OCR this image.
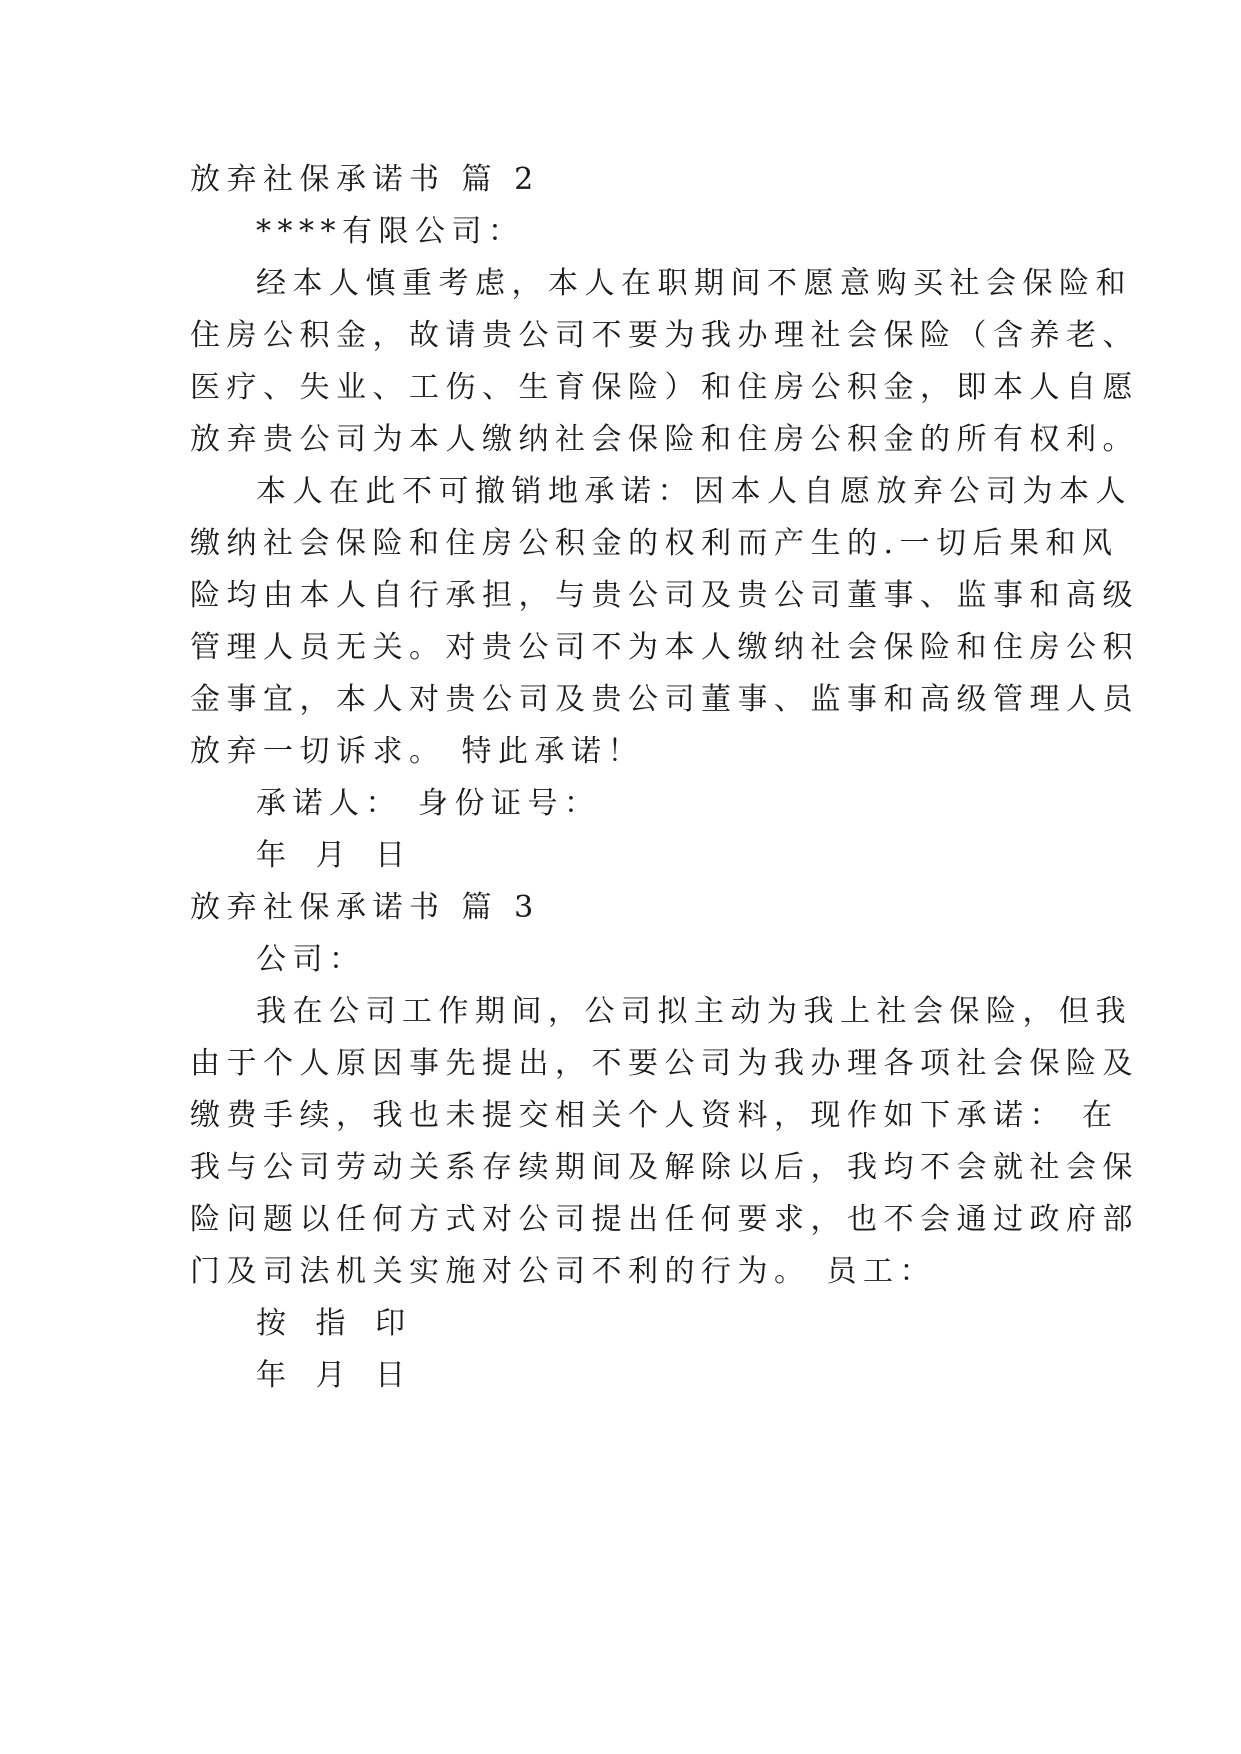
放弃社保承诺书 篇 2
****有限公司：
经本人慎重考虑，本人在职期间不愿意购买社会保险和
住房公积金，故请贵公司不要为我办理社会保险（含养老、
医疗、失业、工伤、生育保险）和住房公积金，即本人自愿
放弃贵公司为本人缴纳社会保险和住房公积金的所有权利。
本人在此不可撤销地承诺：因本人自愿放弃公司为本人
缴纳社会保险和住房公积金的权利而产生的.一切后果和风
险均由本人自行承担，与贵公司及贵公司董事、监事和高级
管理人员无关。对贵公司不为本人缴纳社会保险和住房公积
金事宜，本人对贵公司及贵公司董事、监事和高级管理人员
放弃一切诉求。 特此承诺！
承诺人： 身份证号：
年 月 日
放弃社保承诺书 篇 3
公司：
我在公司工作期间，公司拟主动为我上社会保险，但我
由于个人原因事先提出，不要公司为我办理各项社会保险及
缴费手续，我也未提交相关个人资料，现作如下承诺： 在
我与公司劳动关系存续期间及解除以后，我均不会就社会保
险问题以任何方式对公司提出任何要求，也不会通过政府部
门及司法机关实施对公司不利的行为。 员工：
按 指 印
年 月 日
